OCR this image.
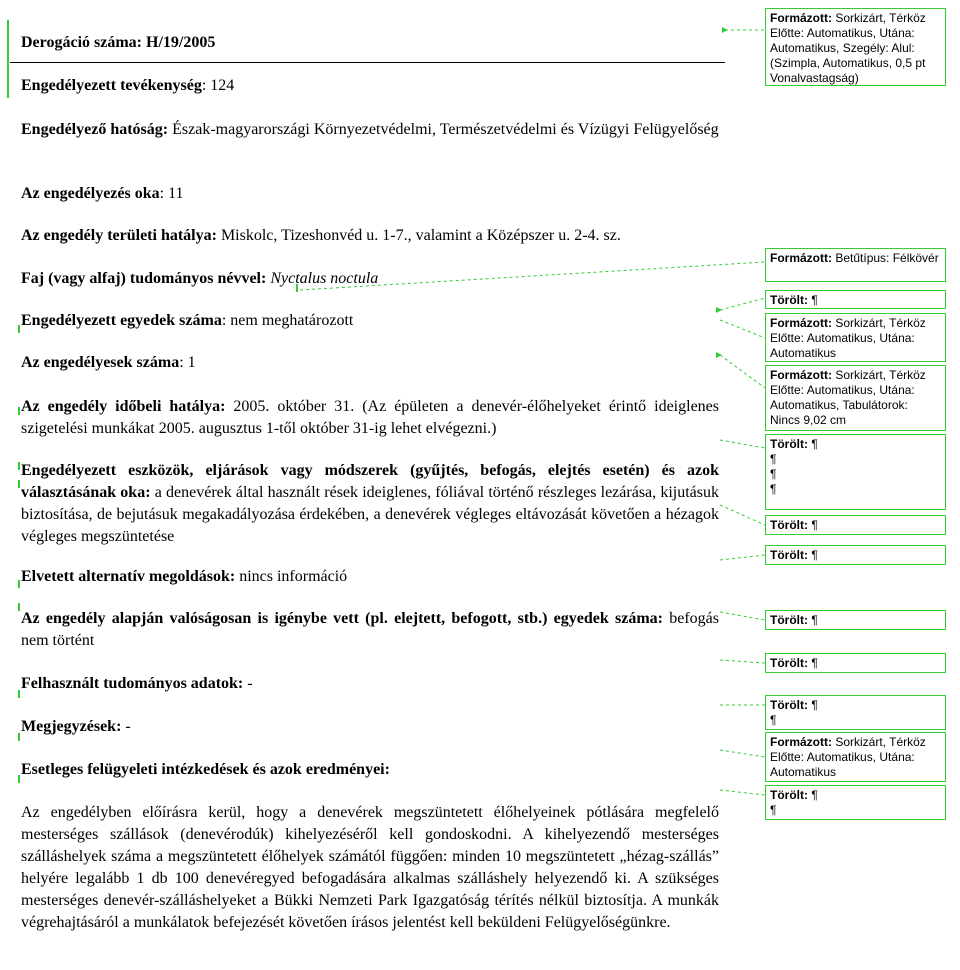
Derogáció száma: H/19/2005

Engedélyezett tevékenység: 124

Engedélyező hatóság: Észak-magyarországi Környezetvédelmi, Természetvédelmi és Vízügyi Felügyelőség

Az engedélyezés oka: 11

Az engedély területi hatálya: Miskolc, Tizeshonvéd u. 1-7., valamint a Középszer u. 2-4. sz.

Faj (vagy alfaj) tudományos névvel: Nyctalus noctula

Engedélyezett egyedek száma: nem meghatározott

Az engedélyesek száma: 1

Az engedély időbeli hatálya: 2005. október 31. (Az épületen a denevér-élőhelyeket érintő ideiglenes szigetelési munkákat 2005. augusztus 1-től október 31-ig lehet elvégezni.)

Engedélyezett eszközök, eljárások vagy módszerek (gyűjtés, befogás, elejtés esetén) és azok választásának oka: a denevérek által használt rések ideiglenes, fóliával történő részleges lezárása, kijutásuk biztosítása, de bejutásuk megakadályozása érdekében, a denevérek végleges eltávozását követően a hézagok végleges megszüntetése

Elvetett alternatív megoldások: nincs információ

Az engedély alapján valóságosan is igénybe vett (pl. elejtett, befogott, stb.) egyedek száma: befogás nem történt

Felhasznált tudományos adatok: -

Megjegyzések: -

Esetleges felügyeleti intézkedések és azok eredményei:

Az engedélyben előírásra kerül, hogy a denevérek megszüntetett élőhelyeinek pótlására megfelelő mesterséges szállások (denevérodúk) kihelyezéséről kell gondoskodni. A kihelyezendő mesterséges szálláshelyek száma a megszüntetett élőhelyek számától függően: minden 10 megszüntetett „hézag-szállás” helyére legalább 1 db 100 denevéregyed befogadására alkalmas szálláshely helyezendő ki. A szükséges mesterséges denevér-szálláshelyeket a Bükki Nemzeti Park Igazgatóság térítés nélkül biztosítja. A munkák végrehajtásáról a munkálatok befejezését követően írásos jelentést kell beküldeni Felügyelőségünkre.

Formázott: Sorkizárt, Térköz Előtte: Automatikus, Utána: Automatikus, Szegély: Alul: (Szimpla, Automatikus, 0,5 pt Vonalvastagság)
Formázott: Betűtípus: Félkövér
Törölt: ¶
Formázott: Sorkizárt, Térköz Előtte: Automatikus, Utána: Automatikus
Formázott: Sorkizárt, Térköz Előtte: Automatikus, Utána: Automatikus, Tabulátorok: Nincs 9,02 cm
Törölt: ¶
¶
¶
¶
Törölt: ¶
Törölt: ¶
Törölt: ¶
Törölt: ¶
Törölt: ¶
¶
Formázott: Sorkizárt, Térköz Előtte: Automatikus, Utána: Automatikus
Törölt: ¶
¶
